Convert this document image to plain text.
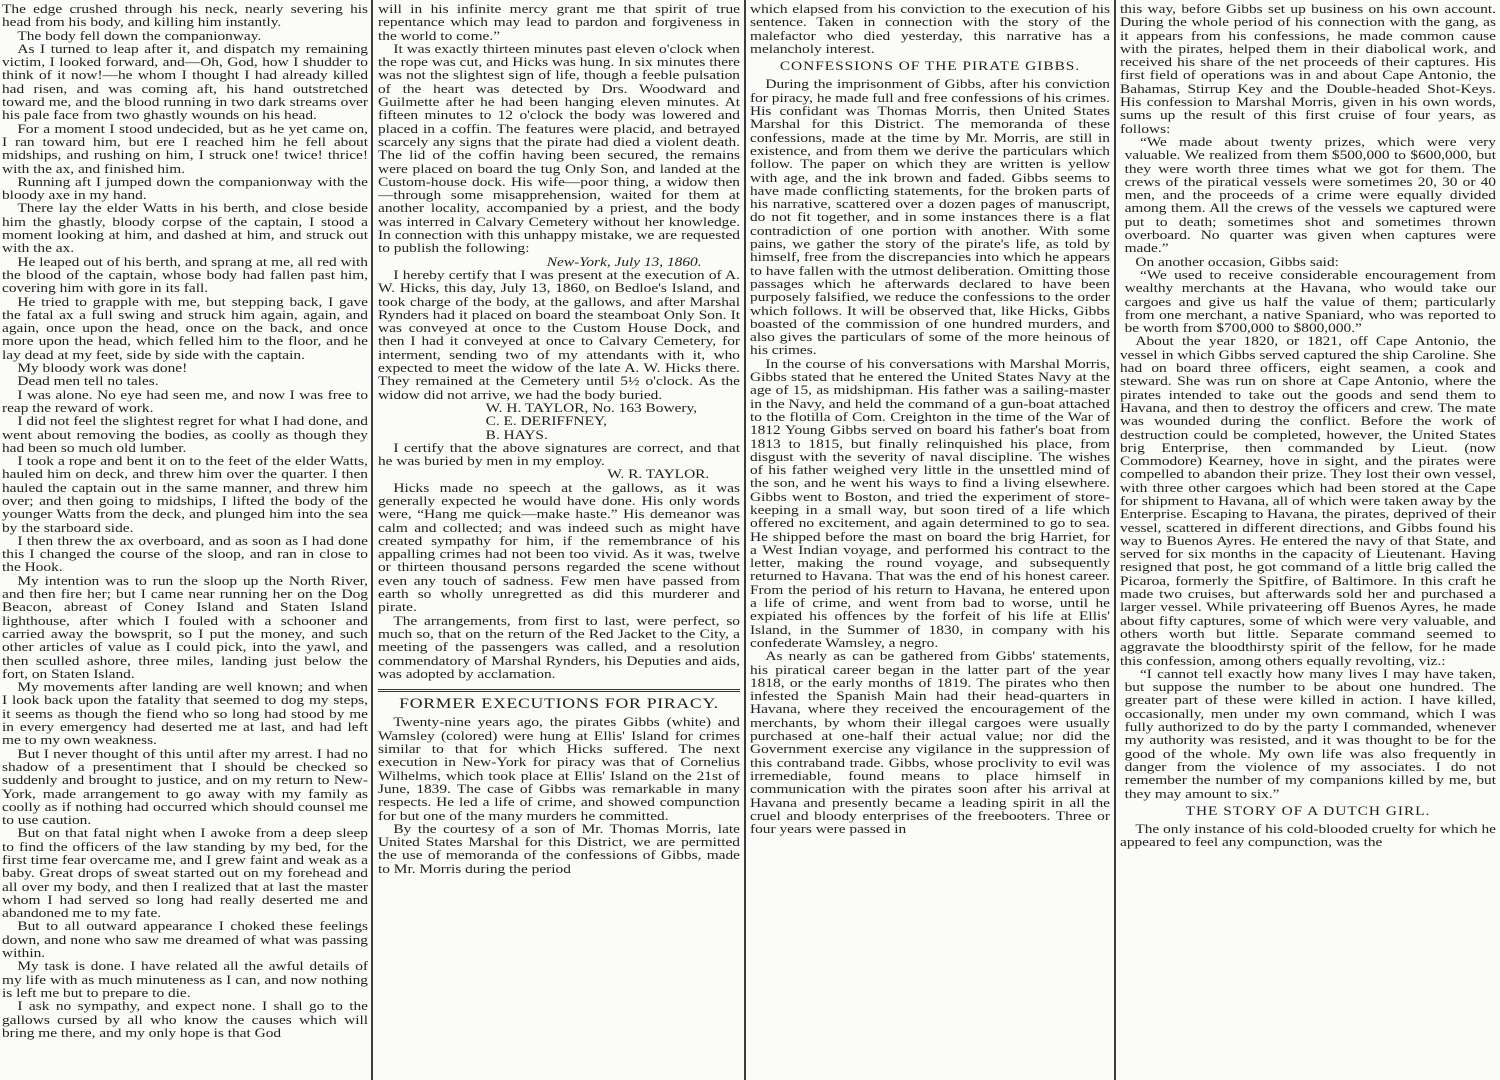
The edge crushed through his neck, nearly severing his head from his body, and killing him instantly.

The body fell down the companionway.

As I turned to leap after it, and dispatch my remaining victim, I looked forward, and—Oh, God, how I shudder to think of it now!—he whom I thought I had already killed had risen, and was coming aft, his hand outstretched toward me, and the blood running in two dark streams over his pale face from two ghastly wounds on his head.

For a moment I stood undecided, but as he yet came on, I ran toward him, but ere I reached him he fell about midships, and rushing on him, I struck one! twice! thrice! with the ax, and finished him.

Running aft I jumped down the companionway with the bloody axe in my hand.

There lay the elder Watts in his berth, and close beside him the ghastly, bloody corpse of the captain, I stood a moment looking at him, and dashed at him, and struck out with the ax.

He leaped out of his berth, and sprang at me, all red with the blood of the captain, whose body had fallen past him, covering him with gore in its fall.

He tried to grapple with me, but stepping back, I gave the fatal ax a full swing and struck him again, again, and again, once upon the head, once on the back, and once more upon the head, which felled him to the floor, and he lay dead at my feet, side by side with the captain.

My bloody work was done!

Dead men tell no tales.

I was alone. No eye had seen me, and now I was free to reap the reward of work.

I did not feel the slightest regret for what I had done, and went about removing the bodies, as coolly as though they had been so much old lumber.

I took a rope and bent it on to the feet of the elder Watts, hauled him on deck, and threw him over the quarter. I then hauled the captain out in the same manner, and threw him over; and then going to midships, I lifted the body of the younger Watts from the deck, and plunged him into the sea by the starboard side.

I then threw the ax overboard, and as soon as I had done this I changed the course of the sloop, and ran in close to the Hook.

My intention was to run the sloop up the North River, and then fire her; but I came near running her on the Dog Beacon, abreast of Coney Island and Staten Island lighthouse, after which I fouled with a schooner and carried away the bowsprit, so I put the money, and such other articles of value as I could pick, into the yawl, and then sculled ashore, three miles, landing just below the fort, on Staten Island.

My movements after landing are well known; and when I look back upon the fatality that seemed to dog my steps, it seems as though the fiend who so long had stood by me in every emergency had deserted me at last, and had left me to my own weakness.

But I never thought of this until after my arrest. I had no shadow of a presentiment that I should be checked so suddenly and brought to justice, and on my return to New-York, made arrangement to go away with my family as coolly as if nothing had occurred which should counsel me to use caution.

But on that fatal night when I awoke from a deep sleep to find the officers of the law standing by my bed, for the first time fear overcame me, and I grew faint and weak as a baby. Great drops of sweat started out on my forehead and all over my body, and then I realized that at last the master whom I had served so long had really deserted me and abandoned me to my fate.

But to all outward appearance I choked these feelings down, and none who saw me dreamed of what was passing within.

My task is done. I have related all the awful details of my life with as much minuteness as I can, and now nothing is left me but to prepare to die.

I ask no sympathy, and expect none. I shall go to the gallows cursed by all who know the causes which will bring me there, and my only hope is that God

will in his infinite mercy grant me that spirit of true repentance which may lead to pardon and forgiveness in the world to come.”

It was exactly thirteen minutes past eleven o'clock when the rope was cut, and Hicks was hung. In six minutes there was not the slightest sign of life, though a feeble pulsation of the heart was detected by Drs. Woodward and Guilmette after he had been hanging eleven minutes. At fifteen minutes to 12 o'clock the body was lowered and placed in a coffin. The features were placid, and betrayed scarcely any signs that the pirate had died a violent death. The lid of the coffin having been secured, the remains were placed on board the tug Only Son, and landed at the Custom-house dock. His wife—poor thing, a widow then—through some misapprehension, waited for them at another locality, accompanied by a priest, and the body was interred in Calvary Cemetery without her knowledge. In connection with this unhappy mistake, we are requested to publish the following:

New-York, July 13, 1860.

I hereby certify that I was present at the execution of A. W. Hicks, this day, July 13, 1860, on Bedloe's Island, and took charge of the body, at the gallows, and after Marshal Rynders had it placed on board the steamboat Only Son. It was conveyed at once to the Custom House Dock, and then I had it conveyed at once to Calvary Cemetery, for interment, sending two of my attendants with it, who expected to meet the widow of the late A. W. Hicks there. They remained at the Cemetery until 5½ o'clock. As the widow did not arrive, we had the body buried.

W. H. TAYLOR, No. 163 Bowery,

C. E. DERIFFNEY,

B. HAYS.

I certify that the above signatures are correct, and that he was buried by men in my employ.

W. R. TAYLOR.

Hicks made no speech at the gallows, as it was generally expected he would have done. His only words were, “Hang me quick—make haste.” His demeanor was calm and collected; and was indeed such as might have created sympathy for him, if the remembrance of his appalling crimes had not been too vivid. As it was, twelve or thirteen thousand persons regarded the scene without even any touch of sadness. Few men have passed from earth so wholly unregretted as did this murderer and pirate.

The arrangements, from first to last, were perfect, so much so, that on the return of the Red Jacket to the City, a meeting of the passengers was called, and a resolution commendatory of Marshal Rynders, his Deputies and aids, was adopted by acclamation.

FORMER EXECUTIONS FOR PIRACY.

Twenty-nine years ago, the pirates Gibbs (white) and Wamsley (colored) were hung at Ellis' Island for crimes similar to that for which Hicks suffered. The next execution in New-York for piracy was that of Cornelius Wilhelms, which took place at Ellis' Island on the 21st of June, 1839. The case of Gibbs was remarkable in many respects. He led a life of crime, and showed compunction for but one of the many murders he committed.

By the courtesy of a son of Mr. Thomas Morris, late United States Marshal for this District, we are permitted the use of memoranda of the confessions of Gibbs, made to Mr. Morris during the period

which elapsed from his conviction to the execution of his sentence. Taken in connection with the story of the malefactor who died yesterday, this narrative has a melancholy interest.

CONFESSIONS OF THE PIRATE GIBBS.

During the imprisonment of Gibbs, after his conviction for piracy, he made full and free confessions of his crimes. His confidant was Thomas Morris, then United States Marshal for this District. The memoranda of these confessions, made at the time by Mr. Morris, are still in existence, and from them we derive the particulars which follow. The paper on which they are written is yellow with age, and the ink brown and faded. Gibbs seems to have made conflicting statements, for the broken parts of his narrative, scattered over a dozen pages of manuscript, do not fit together, and in some instances there is a flat contradiction of one portion with another. With some pains, we gather the story of the pirate's life, as told by himself, free from the discrepancies into which he appears to have fallen with the utmost deliberation. Omitting those passages which he afterwards declared to have been purposely falsified, we reduce the confessions to the order which follows. It will be observed that, like Hicks, Gibbs boasted of the commission of one hundred murders, and also gives the particulars of some of the more heinous of his crimes.

In the course of his conversations with Marshal Morris, Gibbs stated that he entered the United States Navy at the age of 15, as midshipman. His father was a sailing-master in the Navy, and held the command of a gun-boat attached to the flotilla of Com. Creighton in the time of the War of 1812 Young Gibbs served on board his father's boat from 1813 to 1815, but finally relinquished his place, from disgust with the severity of naval discipline. The wishes of his father weighed very little in the unsettled mind of the son, and he went his ways to find a living elsewhere. Gibbs went to Boston, and tried the experiment of store-keeping in a small way, but soon tired of a life which offered no excitement, and again determined to go to sea. He shipped before the mast on board the brig Harriet, for a West Indian voyage, and performed his contract to the letter, making the round voyage, and subsequently returned to Havana. That was the end of his honest career. From the period of his return to Havana, he entered upon a life of crime, and went from bad to worse, until he expiated his offences by the forfeit of his life at Ellis' Island, in the Summer of 1830, in company with his confederate Wamsley, a negro.

As nearly as can be gathered from Gibbs' statements, his piratical career began in the latter part of the year 1818, or the early months of 1819. The pirates who then infested the Spanish Main had their head-quarters in Havana, where they received the encouragement of the merchants, by whom their illegal cargoes were usually purchased at one-half their actual value; nor did the Government exercise any vigilance in the suppression of this contraband trade. Gibbs, whose proclivity to evil was irremediable, found means to place himself in communication with the pirates soon after his arrival at Havana and presently became a leading spirit in all the cruel and bloody enterprises of the freebooters. Three or four years were passed in

this way, before Gibbs set up business on his own account. During the whole period of his connection with the gang, as it appears from his confessions, he made common cause with the pirates, helped them in their diabolical work, and received his share of the net proceeds of their captures. His first field of operations was in and about Cape Antonio, the Bahamas, Stirrup Key and the Double-headed Shot-Keys. His confession to Marshal Morris, given in his own words, sums up the result of this first cruise of four years, as follows:

“We made about twenty prizes, which were very valuable. We realized from them $500,000 to $600,000, but they were worth three times what we got for them. The crews of the piratical vessels were sometimes 20, 30 or 40 men, and the proceeds of a crime were equally divided among them. All the crews of the vessels we captured were put to death; sometimes shot and sometimes thrown overboard. No quarter was given when captures were made.”

On another occasion, Gibbs said:

“We used to receive considerable encouragement from wealthy merchants at the Havana, who would take our cargoes and give us half the value of them; particularly from one merchant, a native Spaniard, who was reported to be worth from $700,000 to $800,000.”

About the year 1820, or 1821, off Cape Antonio, the vessel in which Gibbs served captured the ship Caroline. She had on board three officers, eight seamen, a cook and steward. She was run on shore at Cape Antonio, where the pirates intended to take out the goods and send them to Havana, and then to destroy the officers and crew. The mate was wounded during the conflict. Before the work of destruction could be completed, however, the United States brig Enterprise, then commanded by Lieut. (now Commodore) Kearney, hove in sight, and the pirates were compelled to abandon their prize. They lost their own vessel, with three other cargoes which had been stored at the Cape for shipment to Havana, all of which were taken away by the Enterprise. Escaping to Havana, the pirates, deprived of their vessel, scattered in different directions, and Gibbs found his way to Buenos Ayres. He entered the navy of that State, and served for six months in the capacity of Lieutenant. Having resigned that post, he got command of a little brig called the Picaroa, formerly the Spitfire, of Baltimore. In this craft he made two cruises, but afterwards sold her and purchased a larger vessel. While privateering off Buenos Ayres, he made about fifty captures, some of which were very valuable, and others worth but little. Separate command seemed to aggravate the bloodthirsty spirit of the fellow, for he made this confession, among others equally revolting, viz.:

“I cannot tell exactly how many lives I may have taken, but suppose the number to be about one hundred. The greater part of these were killed in action. I have killed, occasionally, men under my own command, which I was fully authorized to do by the party I commanded, whenever my authority was resisted, and it was thought to be for the good of the whole. My own life was also frequently in danger from the violence of my associates. I do not remember the number of my companions killed by me, but they may amount to six.”

THE STORY OF A DUTCH GIRL.

The only instance of his cold-blooded cruelty for which he appeared to feel any compunction, was the
